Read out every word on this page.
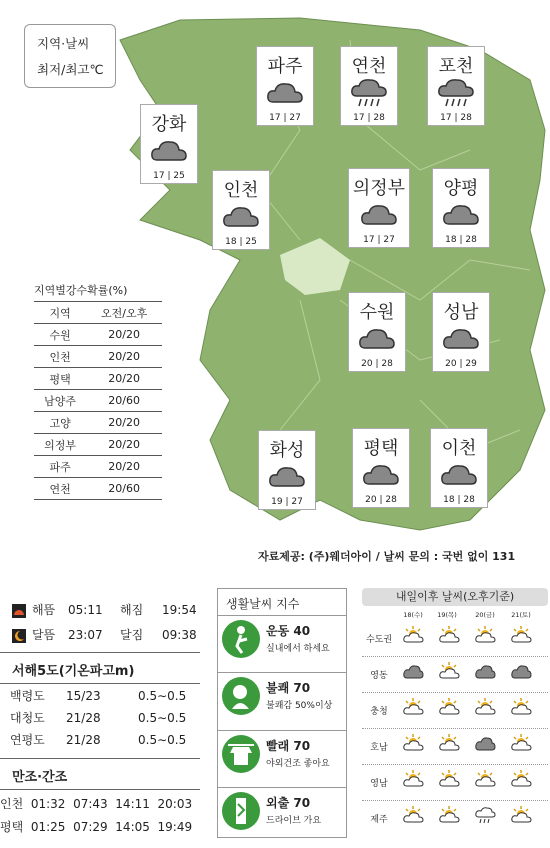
지역·날씨
최저/최고℃	파주
17 | 27
연천
17 | 28
포천
17 | 28
강화
17 | 25
인천
18 | 25
의정부
17 | 27
양평
18 | 28
수원
20 | 28
성남
20 | 29
화성
19 | 27
평택
20 | 28
이천
18 | 28
지역별강수확률(%)
지역	오전/오후
수원	20/20
인천	20/20
평택	20/20
남양주	20/60
고양	20/20
의정부	20/20
파주	20/20
연천	20/60
자료제공: (주)웨더아이 / 날씨 문의 : 국번 없이 131
해뜸	05:11	해짐	19:54
달뜸	23:07	달짐	09:38
서해5도(기온파고m)
백령도 15/23	0.5∼0.5
대청도 21/28	0.5∼0.5
연평도 21/28	0.5∼0.5
만조·간조
인천 01:32 07:43 14:11 20:03
평택 01:25 07:29 14:05 19:49
생활날씨 지수
운동 40
실내에서 하세요
불쾌 70
불쾌감 50%이상
빨래 70
야외건조 좋아요
외출 70
드라이브 가요
내일이후 날씨(오후기준)
18(수)	19(목)	20(금)	21(토)
수도권
영동
충청
호남
영남
제주
